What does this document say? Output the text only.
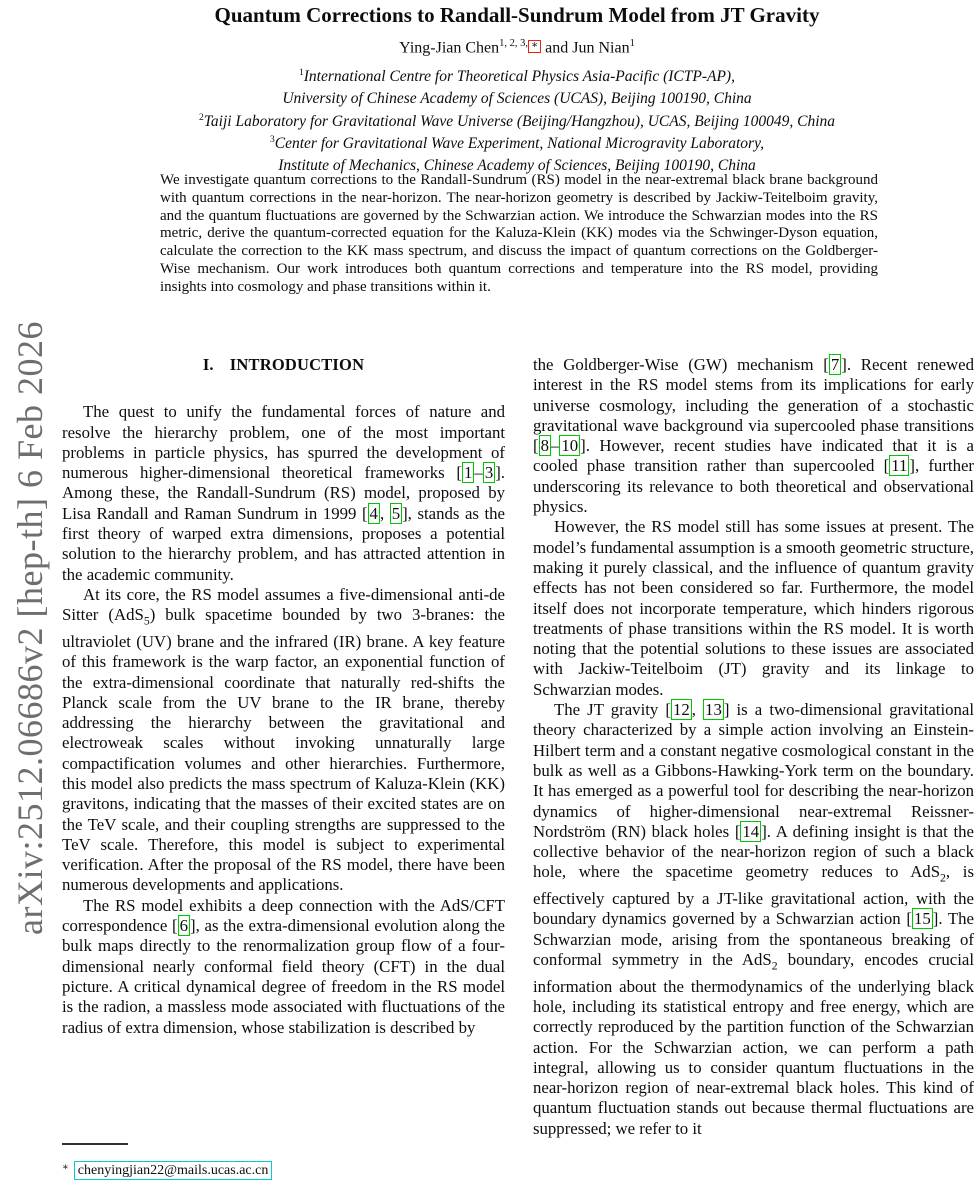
arXiv:2512.06686v2 [hep-th] 6 Feb 2026
Quantum Corrections to Randall-Sundrum Model from JT Gravity
Ying-Jian Chen$^{1, 2, 3,}$ ∗ and Jun Nian$^1$
$^1$International Centre for Theoretical Physics Asia-Pacific (ICTP-AP),
University of Chinese Academy of Sciences (UCAS), Beijing 100190, China
$^2$Taiji Laboratory for Gravitational Wave Universe (Beijing/Hangzhou), UCAS, Beijing 100049, China
$^3$Center for Gravitational Wave Experiment, National Microgravity Laboratory,
Institute of Mechanics, Chinese Academy of Sciences, Beijing 100190, China
We investigate quantum corrections to the Randall-Sundrum (RS) model in the near-extremal black brane background with quantum corrections in the near-horizon. The near-horizon geometry is described by Jackiw-Teitelboim gravity, and the quantum fluctuations are governed by the Schwarzian action. We introduce the Schwarzian modes into the RS metric, derive the quantum-corrected equation for the Kaluza-Klein (KK) modes via the Schwinger-Dyson equation, calculate the correction to the KK mass spectrum, and discuss the impact of quantum corrections on the Goldberger-Wise mechanism. Our work introduces both quantum corrections and temperature into the RS model, providing insights into cosmology and phase transitions within it.
I. INTRODUCTION

The quest to unify the fundamental forces of nature and resolve the hierarchy problem, one of the most important problems in particle physics, has spurred the development of numerous higher-dimensional theoretical frameworks [ 1 – 3 ]. Among these, the Randall-Sundrum (RS) model, proposed by Lisa Randall and Raman Sundrum in 1999 [ 4 , 5 ], stands as the first theory of warped extra dimensions, proposes a potential solution to the hierarchy problem, and has attracted attention in the academic community.

At its core, the RS model assumes a five-dimensional anti-de Sitter (AdS$_5$) bulk spacetime bounded by two 3-branes: the ultraviolet (UV) brane and the infrared (IR) brane. A key feature of this framework is the warp factor, an exponential function of the extra-dimensional coordinate that naturally red-shifts the Planck scale from the UV brane to the IR brane, thereby addressing the hierarchy between the gravitational and electroweak scales without invoking unnaturally large compactification volumes and other hierarchies. Furthermore, this model also predicts the mass spectrum of Kaluza-Klein (KK) gravitons, indicating that the masses of their excited states are on the TeV scale, and their coupling strengths are suppressed to the TeV scale. Therefore, this model is subject to experimental verification. After the proposal of the RS model, there have been numerous developments and applications.

The RS model exhibits a deep connection with the AdS/CFT correspondence [ 6 ], as the extra-dimensional evolution along the bulk maps directly to the renormalization group flow of a four-dimensional nearly conformal field theory (CFT) in the dual picture. A critical dynamical degree of freedom in the RS model is the radion, a massless mode associated with fluctuations of the radius of extra dimension, whose stabilization is described by

the Goldberger-Wise (GW) mechanism [ 7 ]. Recent renewed interest in the RS model stems from its implications for early universe cosmology, including the generation of a stochastic gravitational wave background via supercooled phase transitions [ 8 – 10 ]. However, recent studies have indicated that it is a cooled phase transition rather than supercooled [ 11 ], further underscoring its relevance to both theoretical and observational physics.

However, the RS model still has some issues at present. The model’s fundamental assumption is a smooth geometric structure, making it purely classical, and the influence of quantum gravity effects has not been considered so far. Furthermore, the model itself does not incorporate temperature, which hinders rigorous treatments of phase transitions within the RS model. It is worth noting that the potential solutions to these issues are associated with Jackiw-Teitelboim (JT) gravity and its linkage to Schwarzian modes.

The JT gravity [ 12 , 13 ] is a two-dimensional gravitational theory characterized by a simple action involving an Einstein-Hilbert term and a constant negative cosmological constant in the bulk as well as a Gibbons-Hawking-York term on the boundary. It has emerged as a powerful tool for describing the near-horizon dynamics of higher-dimensional near-extremal Reissner-Nordström (RN) black holes [ 14 ]. A defining insight is that the collective behavior of the near-horizon region of such a black hole, where the spacetime geometry reduces to AdS$_2$, is effectively captured by a JT-like gravitational action, with the boundary dynamics governed by a Schwarzian action [ 15 ]. The Schwarzian mode, arising from the spontaneous breaking of conformal symmetry in the AdS$_2$ boundary, encodes crucial information about the thermodynamics of the underlying black hole, including its statistical entropy and free energy, which are correctly reproduced by the partition function of the Schwarzian action. For the Schwarzian action, we can perform a path integral, allowing us to consider quantum fluctuations in the near-horizon region of near-extremal black holes. This kind of quantum fluctuation stands out because thermal fluctuations are suppressed; we refer to it

∗ chenyingjian22@mails.ucas.ac.cn
